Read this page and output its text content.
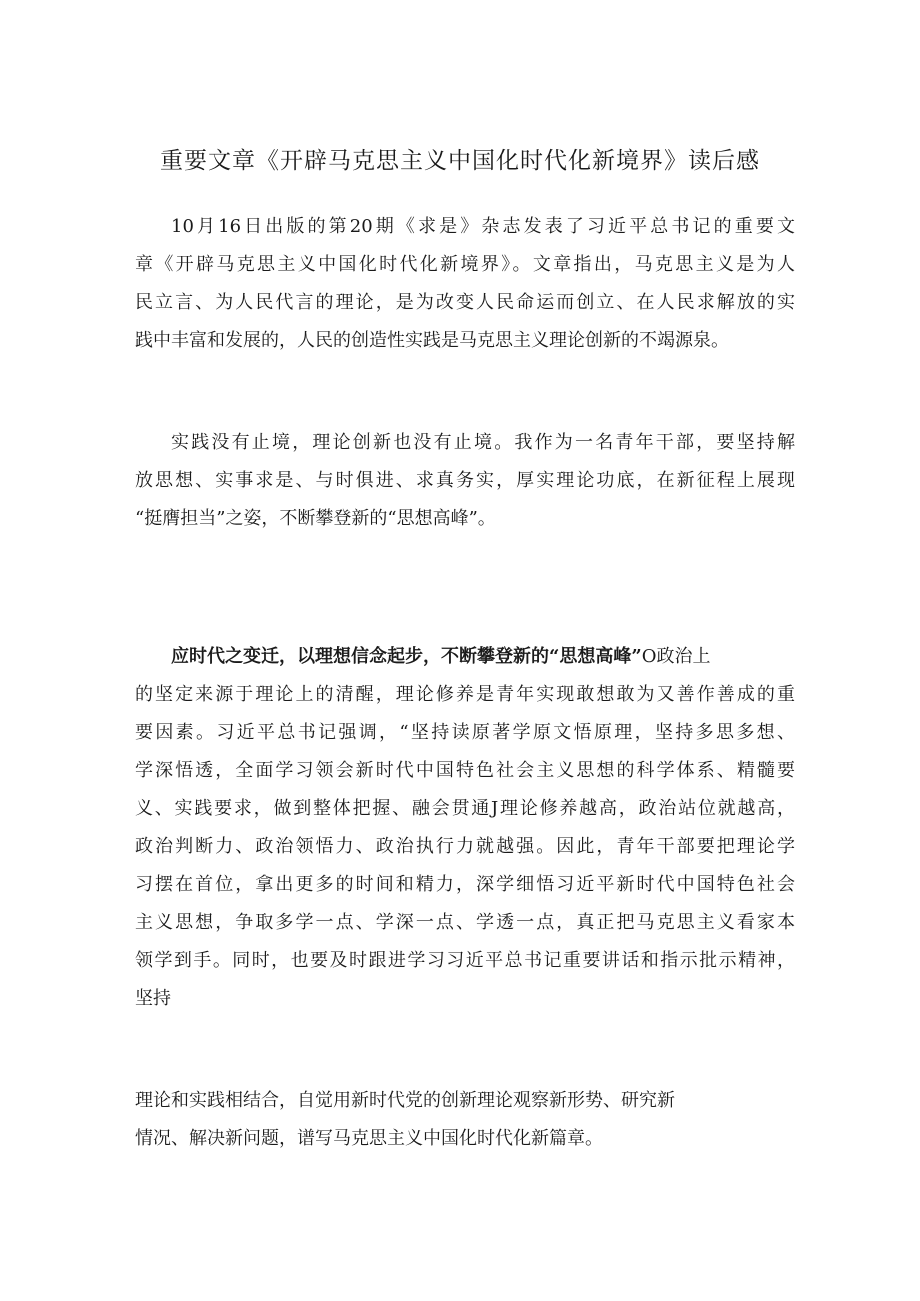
重要文章《开辟马克思主义中国化时代化新境界》读后感
10月16日出版的第20期《求是》杂志发表了习近平总书记的重要文
章《开辟马克思主义中国化时代化新境界》。文章指出，马克思主义是为人
民立言、为人民代言的理论，是为改变人民命运而创立、在人民求解放的实
践中丰富和发展的，人民的创造性实践是马克思主义理论创新的不竭源泉。
实践没有止境，理论创新也没有止境。我作为一名青年干部，要坚持解
放思想、实事求是、与时俱进、求真务实，厚实理论功底，在新征程上展现
“挺膺担当”之姿，不断攀登新的“思想高峰”。
应时代之变迁，以理想信念起步，不断攀登新的“思想高峰”O政治上
的坚定来源于理论上的清醒，理论修养是青年实现敢想敢为又善作善成的重
要因素。习近平总书记强调，“坚持读原著学原文悟原理，坚持多思多想、
学深悟透，全面学习领会新时代中国特色社会主义思想的科学体系、精髓要
义、实践要求，做到整体把握、融会贯通J理论修养越高，政治站位就越高，
政治判断力、政治领悟力、政治执行力就越强。因此，青年干部要把理论学
习摆在首位，拿出更多的时间和精力，深学细悟习近平新时代中国特色社会
主义思想，争取多学一点、学深一点、学透一点，真正把马克思主义看家本
领学到手。同时，也要及时跟进学习习近平总书记重要讲话和指示批示精神，
坚持
理论和实践相结合，自觉用新时代党的创新理论观察新形势、研究新
情况、解决新问题，谱写马克思主义中国化时代化新篇章。
